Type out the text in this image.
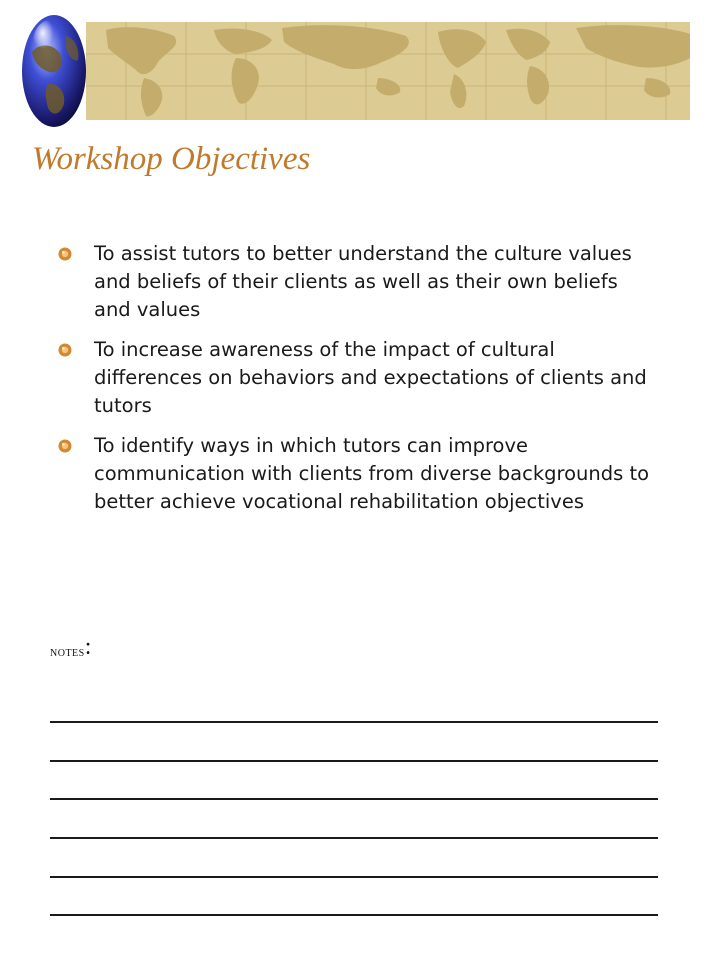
Workshop Objectives
To assist tutors to better understand the culture values and beliefs of their clients as well as their own beliefs and values
To increase awareness of the impact of cultural differences on behaviors and expectations of clients and tutors
To identify ways in which tutors can improve communication with clients from diverse backgrounds to better achieve vocational rehabilitation objectives
notes:
